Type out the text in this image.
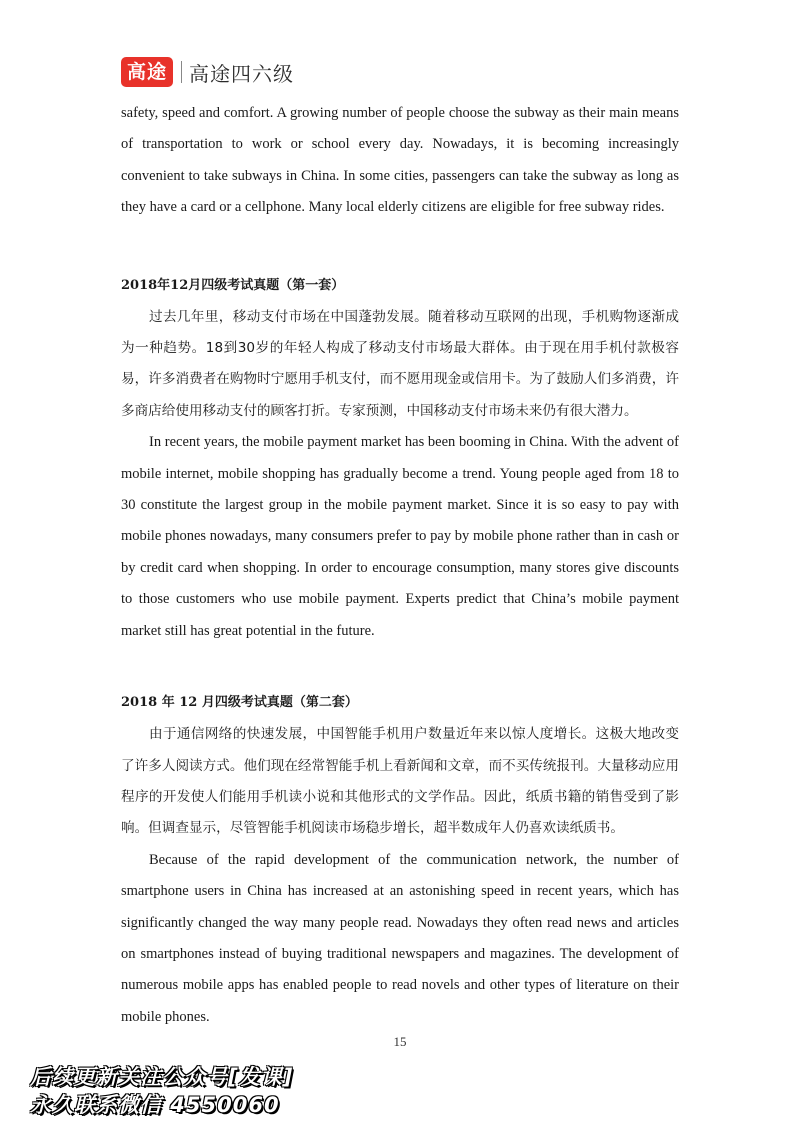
高途	高途四六级

safety, speed and comfort. A growing number of people choose the subway as their main means of transportation to work or school every day. Nowadays, it is becoming increasingly convenient to take subways in China. In some cities, passengers can take the subway as long as they have a card or a cellphone. Many local elderly citizens are eligible for free subway rides.

2018年12月四级考试真题（第一套）

过去几年里，移动支付市场在中国蓬勃发展。随着移动互联网的出现，手机购物逐渐成为一种趋势。18到30岁的年轻人构成了移动支付市场最大群体。由于现在用手机付款极容易，许多消费者在购物时宁愿用手机支付，而不愿用现金或信用卡。为了鼓励人们多消费，许多商店给使用移动支付的顾客打折。专家预测，中国移动支付市场未来仍有很大潜力。

In recent years, the mobile payment market has been booming in China. With the advent of mobile internet, mobile shopping has gradually become a trend. Young people aged from 18 to 30 constitute the largest group in the mobile payment market. Since it is so easy to pay with mobile phones nowadays, many consumers prefer to pay by mobile phone rather than in cash or by credit card when shopping. In order to encourage consumption, many stores give discounts to those customers who use mobile payment. Experts predict that China’s mobile payment market still has great potential in the future.

2018 年 12 月四级考试真题（第二套）

由于通信网络的快速发展，中国智能手机用户数量近年来以惊人度增长。这极大地改变了许多人阅读方式。他们现在经常智能手机上看新闻和文章，而不买传统报刊。大量移动应用程序的开发使人们能用手机读小说和其他形式的文学作品。因此，纸质书籍的销售受到了影响。但调查显示，尽管智能手机阅读市场稳步增长，超半数成年人仍喜欢读纸质书。

Because of the rapid development of the communication network, the number of smartphone users in China has increased at an astonishing speed in recent years, which has significantly changed the way many people read. Nowadays they often read news and articles on smartphones instead of buying traditional newspapers and magazines. The development of numerous mobile apps has enabled people to read novels and other types of literature on their mobile phones.

15
后续更新关注公众号[发课]
永久联系微信 4550060
